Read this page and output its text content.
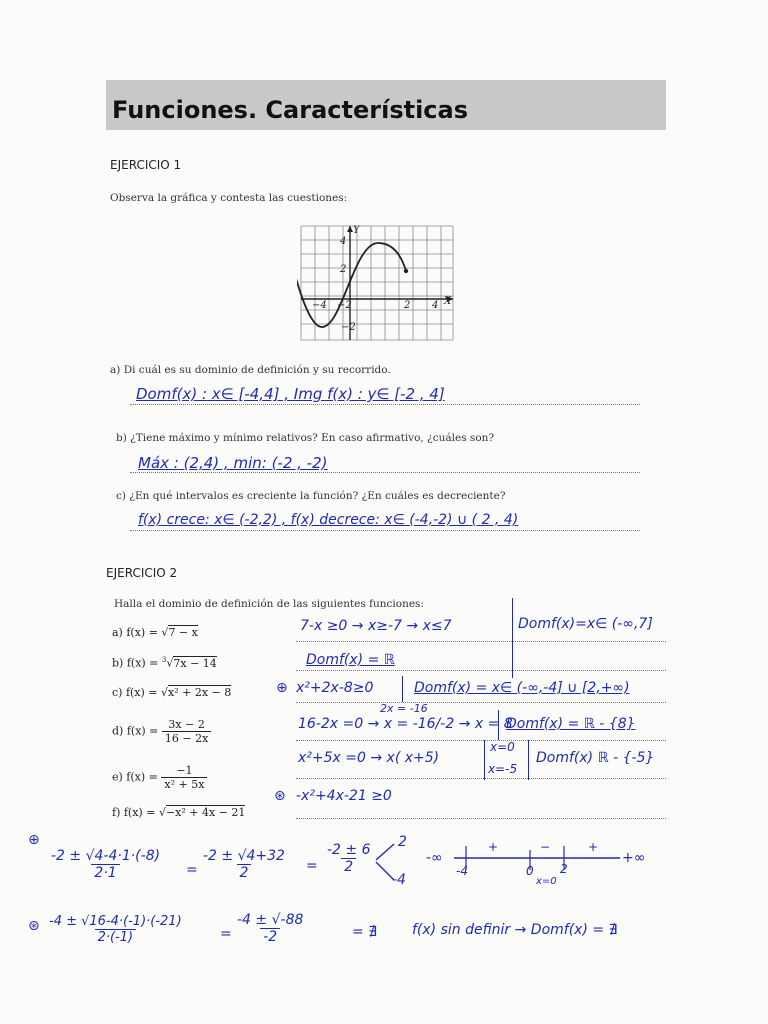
Funciones. Características
EJERCICIO 1
Observa la gráfica y contesta las cuestiones:
Y
X
−4 −2	2 4
4
2
−2
a) Di cuál es su dominio de definición y su recorrido.
Domf(x) : x∈ [-4,4] , Img f(x) : y∈ [-2 , 4]
b) ¿Tiene máximo y mínimo relativos? En caso afirmativo, ¿cuáles son?
Máx : (2,4) , min: (-2 , -2)
c) ¿En qué intervalos es creciente la función? ¿En cuáles es decreciente?
f(x) crece: x∈ (-2,2) , f(x) decrece: x∈ (-4,-2) ∪ ( 2 , 4)
EJERCICIO 2
Halla el dominio de definición de las siguientes funciones:
a) f(x) = √7 − x
b) f(x) = $^3$√7x − 14
c) f(x) = √x² + 2x − 8
d) $f(x) = \frac{3x - 2}{16 - 2x}$
e) $f(x) = \frac{-1}{\text{x² + 5x}}$
f) f(x) = √−x² + 4x − 21
7-x ≥0 → x≥-7 → x≤7	Domf(x)=x∈ (-∞,7]
Domf(x) = ℝ
⊕ x²+2x-8≥0	Domf(x) = x∈ (-∞,-4] ∪ [2,+∞)
2x = -16
16-2x =0 → x = -16/-2 → x = 8
Domf(x) = ℝ - {8}
x²+5x =0 → x( x+5)
x=0
x=-5
Domf(x) ℝ - {-5}
⊛ -x²+4x-21 ≥0
⊕
$\frac{-2 \pm √4-4\cdot 1\cdot(-8)}{2\cdot 1} = \frac{-2 \pm √4+32}{2} = \frac{-2 \pm 6}{2} 2$
-4
-∞
+	−	+
-4	0 2
x=0
+∞
⊛ $\frac{-4 \pm √16-4\cdot(-1)\cdot(-21)}{2\cdot(-1)}$	= $\frac{-4 \pm √-88}{-2}$	= ∄ f(x) sin definir → Domf(x) = ∄
